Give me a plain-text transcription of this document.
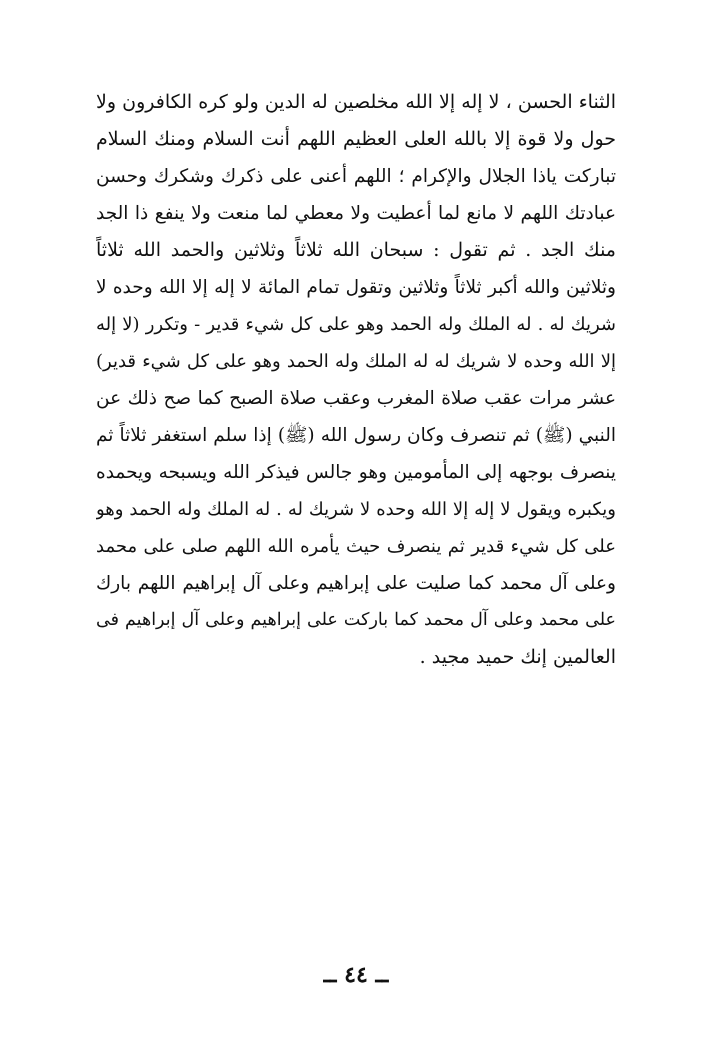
الثناء الحسن ، لا إله إلا الله مخلصين له الدين ولو كره الكافرون ولا
حول ولا قوة إلا بالله العلى العظيم اللهم أنت السلام ومنك السلام
تباركت ياذا الجلال والإكرام ؛ اللهم أعنى على ذكرك وشكرك وحسن
عبادتك اللهم لا مانع لما أعطيت ولا معطي لما منعت ولا ينفع ذا الجد
منك الجد . ثم تقول : سبحان الله ثلاثاً وثلاثين والحمد الله ثلاثاً
وثلاثين والله أكبر ثلاثاً وثلاثين وتقول تمام المائة لا إله إلا الله وحده لا
شريك له . له الملك وله الحمد وهو على كل شيء قدير - وتكرر (لا إله
إلا الله وحده لا شريك له له الملك وله الحمد وهو على كل شيء قدير)
عشر مرات عقب صلاة المغرب وعقب صلاة الصبح كما صح ذلك عن
النبي (ﷺ) ثم تنصرف وكان رسول الله (ﷺ) إذا سلم استغفر ثلاثاً ثم
ينصرف بوجهه إلى المأمومين وهو جالس فيذكر الله ويسبحه ويحمده
ويكبره ويقول لا إله إلا الله وحده لا شريك له . له الملك وله الحمد وهو
على كل شيء قدير ثم ينصرف حيث يأمره الله اللهم صلى على محمد
وعلى آل محمد كما صليت على إبراهيم وعلى آل إبراهيم اللهم بارك
على محمد وعلى آل محمد كما باركت على إبراهيم وعلى آل إبراهيم فى
العالمين إنك حميد مجيد .
ــ ٤٤ ــ
